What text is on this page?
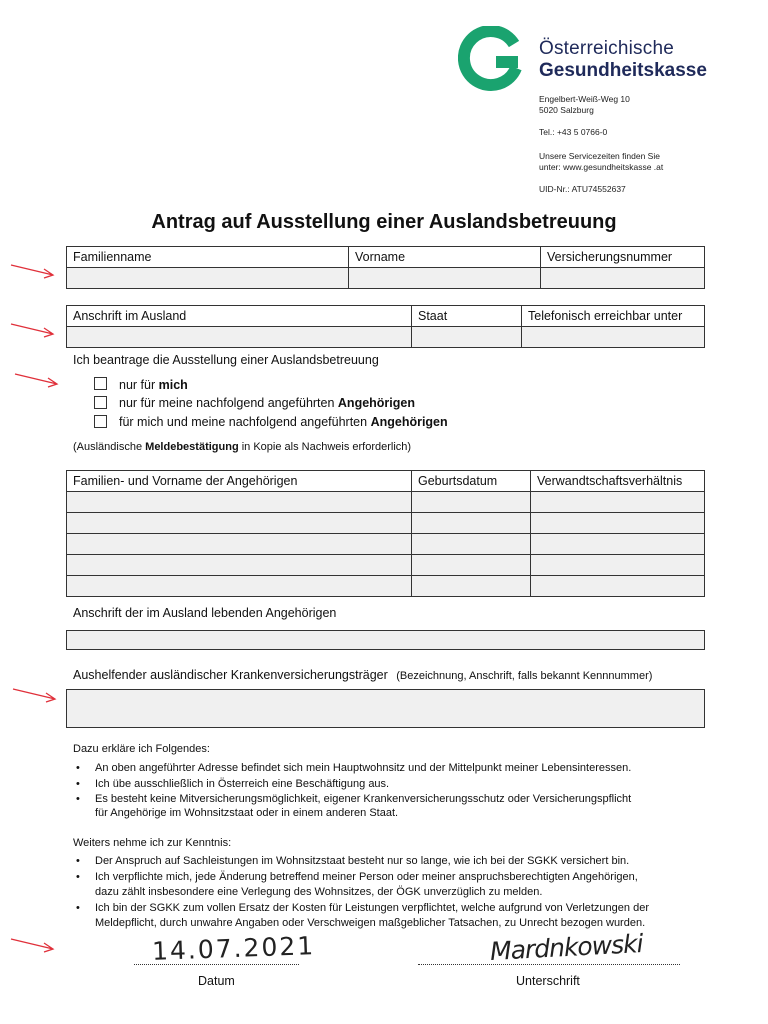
Österreichische
Gesundheitskasse
Engelbert-Weiß-Weg 10
5020 Salzburg
Tel.: +43 5 0766-0
Unsere Servicezeiten finden Sie
unter: www.gesundheitskasse .at
UID-Nr.: ATU74552637
Antrag auf Ausstellung einer Auslandsbetreuung
Familienname	Vorname	Versicherungsnummer

Anschrift im Ausland	Staat	Telefonisch erreichbar unter

Ich beantrage die Ausstellung einer Auslandsbetreuung
nur für mich
nur für meine nachfolgend angeführten Angehörigen
für mich und meine nachfolgend angeführten Angehörigen
(Ausländische Meldebestätigung in Kopie als Nachweis erforderlich)
Familien- und Vorname der Angehörigen	Geburtsdatum	Verwandtschaftsverhältnis

Anschrift der im Ausland lebenden Angehörigen
Aushelfender ausländischer Krankenversicherungsträger (Bezeichnung, Anschrift, falls bekannt Kennnummer)
Dazu erkläre ich Folgendes:
• An oben angeführter Adresse befindet sich mein Hauptwohnsitz und der Mittelpunkt meiner Lebensinteressen.
• Ich übe ausschließlich in Österreich eine Beschäftigung aus.
• Es besteht keine Mitversicherungsmöglichkeit, eigener Krankenversicherungsschutz oder Versicherungspflicht
für Angehörige im Wohnsitzstaat oder in einem anderen Staat.
Weiters nehme ich zur Kenntnis:
• Der Anspruch auf Sachleistungen im Wohnsitzstaat besteht nur so lange, wie ich bei der SGKK versichert bin.
• Ich verpflichte mich, jede Änderung betreffend meiner Person oder meiner anspruchsberechtigten Angehörigen,
dazu zählt insbesondere eine Verlegung des Wohnsitzes, der ÖGK unverzüglich zu melden.
• Ich bin der SGKK zum vollen Ersatz der Kosten für Leistungen verpflichtet, welche aufgrund von Verletzungen der
Meldepflicht, durch unwahre Angaben oder Verschweigen maßgeblicher Tatsachen, zu Unrecht bezogen wurden.
14.07.2021
Datum
Mardnkowski
Unterschrift
